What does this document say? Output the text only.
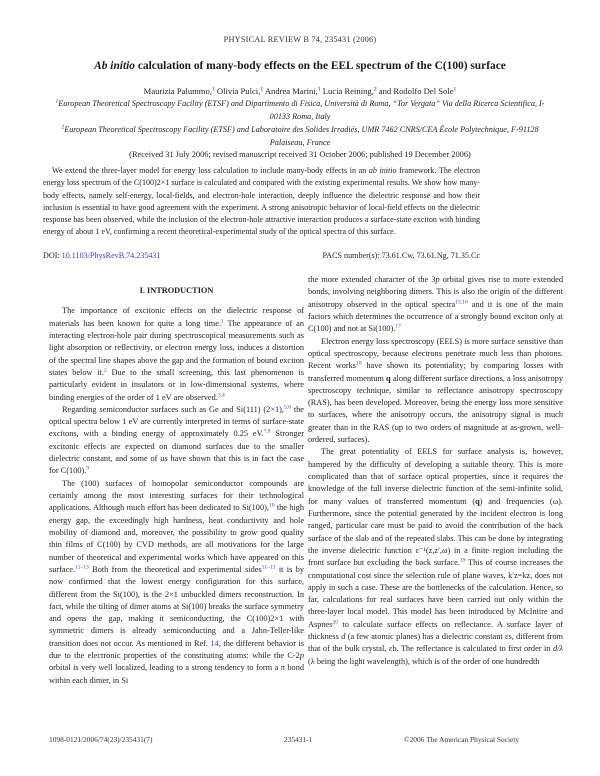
PHYSICAL REVIEW B 74, 235431 (2006)
Ab initio calculation of many-body effects on the EEL spectrum of the C(100) surface
Maurizia Palummo,$^1$ Olivia Pulci,$^1$ Andrea Marini,$^1$ Lucia Reining,$^2$ and Rodolfo Del Sole$^1$
$^1$European Theoretical Spectroscopy Facility (ETSF) and Dipartimento di Fisica, Università di Roma, “Tor Vergata” Via della Ricerca Scientifica, I-00133 Roma, Italy
$^2$European Theoretical Spectroscopy Facility (ETSF) and Laboratoire des Solides Irradiés, UMR 7462 CNRS/CEA École Polytechnique, F-91128 Palaiseau, France
(Received 31 July 2006; revised manuscript received 31 October 2006; published 19 December 2006)
We extend the three-layer model for energy loss calculation to include many-body effects in an ab initio framework. The electron energy loss spectrum of the C(100)2×1 surface is calculated and compared with the existing experimental results. We show how many-body effects, namely self-energy, local-fields, and electron-hole interaction, deeply influence the dielectric response and how their inclusion is essential to have good agreement with the experiment. A strong anisotropic behavior of local-field effects on the dielectric response has been observed, while the inclusion of the electron-hole attractive interaction produces a surface-state exciton with binding energy of about 1 eV, confirming a recent theoretical-experimental study of the optical spectra of this surface.
DOI: 10.1103/PhysRevB.74.235431	PACS number(s): 73.61.Cw, 73.61.Ng, 71.35.Cc
I. INTRODUCTION

The importance of excitonic effects on the dielectric response of materials has been known for quite a long time.$^1$ The appearance of an interacting electron-hole pair during spectroscopical measurements such as light absorption or reflectivity, or electron energy loss, induces a distortion of the spectral line shapes above the gap and the formation of bound exciton states below it.$^2$ Due to the small screening, this last phenomenon is particularly evident in insulators or in low-dimensional systems, where binding energies of the order of 1 eV are observed.$^{3,4}$

Regarding semiconductor surfaces such as Ge and Si(111) (2×1),$^{5,6}$ the optical spectra below 1 eV are currently interpreted in terms of surface-state excitons, with a binding energy of approximately 0.25 eV.$^{7,8}$ Stronger excitonic effects are expected on diamond surfaces due to the smaller dielectric constant, and some of us have shown that this is in fact the case for C(100).$^9$

The (100) surfaces of homopolar semiconductor compounds are certainly among the most interesting surfaces for their technological applications. Although much effort has been dedicated to Si(100),$^{10}$ the high energy gap, the exceedingly high hardness, heat conductivity and hole mobility of diamond and, moreover, the possibility to grow good quality thin films of C(100) by CVD methods, are all motivations for the large number of theoretical and experimental works which have appeared on this surface.$^{11-13}$ Both from the theoretical and experimental sides$^{11-13}$ it is by now confirmed that the lowest energy configuration for this surface, different from the Si(100), is the 2×1 unbuckled dimers reconstruction. In fact, while the tilting of dimer atoms at Si(100) breaks the surface symmetry and opens the gap, making it semiconducting, the C(100)2×1 with symmetric dimers is already semiconducting and a Jahn-Teller-like transition does not occur. As mentioned in Ref. 14, the different behavior is due to the electronic properties of the constituting atoms: while the C-2p orbital is very well localized, leading to a strong tendency to form a π bond within each dimer, in Si

the more extended character of the 3p orbital gives rise to more extended bonds, involving neighboring dimers. This is also the origin of the different anisotropy observed in the optical spectra$^{15,16}$ and it is one of the main factors which determines the occurrence of a strongly bound exciton only at C(100) and not at Si(100).$^{17}$

Electron energy loss spectroscopy (EELS) is more surface sensitive than optical spectroscopy, because electrons penetrate much less than photons. Recent works$^{18}$ have shown its potentiality; by comparing losses with transferred momentum q along different surface directions, a loss anisotropy spectroscopy technique, similar to reflectance anisotropy spectroscopy (RAS), has been developed. Moreover, being the energy loss more sensitive to surfaces, where the anisotropy occurs, the anisotropy signal is much greater than in the RAS (up to two orders of magnitude at as-grown, well-ordered, surfaces).

The great potentiality of EELS for surface analysis is, however, hampered by the difficulty of developing a suitable theory. This is more complicated than that of surface optical properties, since it requires the knowledge of the full inverse dielectric function of the semi-infinite solid, for many values of transferred momentum (q) and frequencies (ω). Furthermore, since the potential generated by the incident electron is long ranged, particular care must be paid to avoid the contribution of the back surface of the slab and of the repeated slabs. This can be done by integrating the inverse dielectric function ε⁻¹(z,z′,ω) in a finite region including the front surface but excluding the back surface.$^{19}$ This of course increases the computational cost since the selection rule of plane waves, k′z=kz, does not apply in such a case. These are the bottlenecks of the calculation. Hence, so far, calculations for real surfaces have been carried out only within the three-layer local model. This model has been introduced by McIntire and Aspnes$^{20}$ to calculate surface effects on reflectance. A surface layer of thickness d (a few atomic planes) has a dielectric constant εs, different from that of the bulk crystal, εb. The reflectance is calculated to first order in d/λ (λ being the light wavelength), which is of the order of one hundredth

1098-0121/2006/74(23)/235431(7)	235431-1	©2006 The American Physical Society
